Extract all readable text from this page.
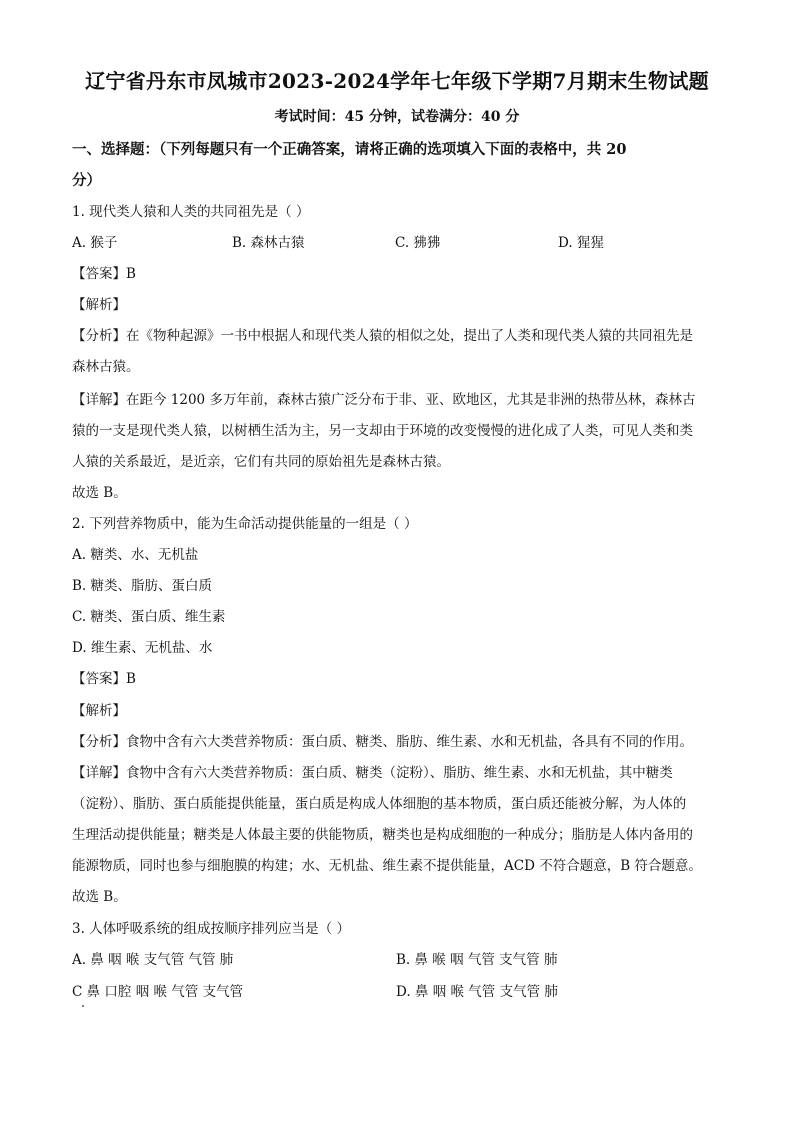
辽宁省丹东市凤城市2023-2024学年七年级下学期7月期末生物试题
考试时间：45 分钟，试卷满分：40 分
一、选择题：（下列每题只有一个正确答案，请将正确的选项填入下面的表格中，共 20
分）
1. 现代类人猿和人类的共同祖先是（ ）
A. 猴子	B. 森林古猿	C. 狒狒	D. 猩猩
【答案】B
【解析】
【分析】在《物种起源》一书中根据人和现代类人猿的相似之处，提出了人类和现代类人猿的共同祖先是
森林古猿。
【详解】在距今 1200 多万年前，森林古猿广泛分布于非、亚、欧地区，尤其是非洲的热带丛林，森林古
猿的一支是现代类人猿，以树栖生活为主，另一支却由于环境的改变慢慢的进化成了人类，可见人类和类
人猿的关系最近，是近亲，它们有共同的原始祖先是森林古猿。
故选 B。
2. 下列营养物质中，能为生命活动提供能量的一组是（ ）
A. 糖类、水、无机盐
B. 糖类、脂肪、蛋白质
C. 糖类、蛋白质、维生素
D. 维生素、无机盐、水
【答案】B
【解析】
【分析】食物中含有六大类营养物质：蛋白质、糖类、脂肪、维生素、水和无机盐，各具有不同的作用。
【详解】食物中含有六大类营养物质：蛋白质、糖类（淀粉）、脂肪、维生素、水和无机盐，其中糖类
（淀粉）、脂肪、蛋白质能提供能量，蛋白质是构成人体细胞的基本物质，蛋白质还能被分解，为人体的
生理活动提供能量；糖类是人体最主要的供能物质，糖类也是构成细胞的一种成分；脂肪是人体内备用的
能源物质，同时也参与细胞膜的构建；水、无机盐、维生素不提供能量，ACD 不符合题意，B 符合题意。
故选 B。
3. 人体呼吸系统的组成按顺序排列应当是（ ）
A. 鼻 咽 喉 支气管 气管 肺	B. 鼻 喉 咽 气管 支气管 肺
C 鼻 口腔 咽 喉 气管 支气管	D. 鼻 咽 喉 气管 支气管 肺
